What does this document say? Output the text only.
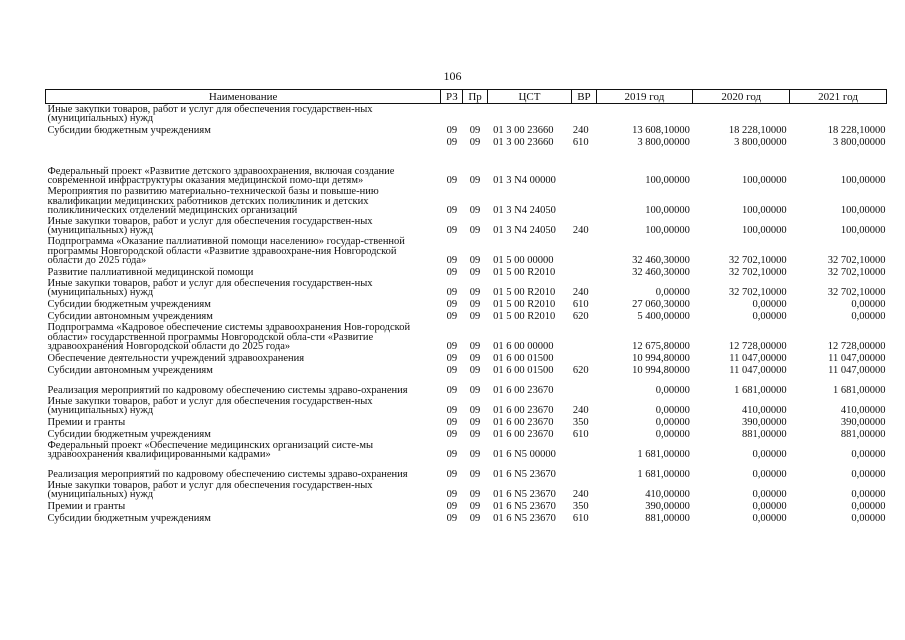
106
Наименование	РЗ	Пр	ЦСТ	ВР	2019 год	2020 год	2021 год
Иные закупки товаров, работ и услуг для обеспечения государствен-ных (муниципальных) нужд							
Субсидии бюджетным учреждениям	09	09	01 3 00 23660	240	13 608,10000	18 228,10000	18 228,10000
	09	09	01 3 00 23660	610	3 800,00000	3 800,00000	3 800,00000
Федеральный проект «Развитие детского здравоохранения, включая создание современной инфраструктуры оказания медицинской помо-щи детям»	09	09	01 3 N4 00000		100,00000	100,00000	100,00000
Мероприятия по развитию материально-технической базы и повыше-нию квалификации медицинских работников детских поликлиник и детских поликлинических отделений медицинских организаций	09	09	01 3 N4 24050		100,00000	100,00000	100,00000
Иные закупки товаров, работ и услуг для обеспечения государствен-ных (муниципальных) нужд	09	09	01 3 N4 24050	240	100,00000	100,00000	100,00000
Подпрограмма «Оказание паллиативной помощи населению» государ-ственной программы Новгородской области «Развитие здравоохране-ния Новгородской области до 2025 года»	09	09	01 5 00 00000		32 460,30000	32 702,10000	32 702,10000
Развитие паллиативной медицинской помощи	09	09	01 5 00 R2010		32 460,30000	32 702,10000	32 702,10000
Иные закупки товаров, работ и услуг для обеспечения государствен-ных (муниципальных) нужд	09	09	01 5 00 R2010	240	0,00000	32 702,10000	32 702,10000
Субсидии бюджетным учреждениям	09	09	01 5 00 R2010	610	27 060,30000	0,00000	0,00000
Субсидии автономным учреждениям	09	09	01 5 00 R2010	620	5 400,00000	0,00000	0,00000
Подпрограмма «Кадровое обеспечение системы здравоохранения Нов-городской области» государственной программы Новгородской обла-сти «Развитие здравоохранения Новгородской области до 2025 года»	09	09	01 6 00 00000		12 675,80000	12 728,00000	12 728,00000
Обеспечение деятельности учреждений здравоохранения	09	09	01 6 00 01500		10 994,80000	11 047,00000	11 047,00000
Субсидии автономным учреждениям	09	09	01 6 00 01500	620	10 994,80000	11 047,00000	11 047,00000
Реализация мероприятий по кадровому обеспечению системы здраво-охранения	09	09	01 6 00 23670		0,00000	1 681,00000	1 681,00000
Иные закупки товаров, работ и услуг для обеспечения государствен-ных (муниципальных) нужд	09	09	01 6 00 23670	240	0,00000	410,00000	410,00000
Премии и гранты	09	09	01 6 00 23670	350	0,00000	390,00000	390,00000
Субсидии бюджетным учреждениям	09	09	01 6 00 23670	610	0,00000	881,00000	881,00000
Федеральный проект «Обеспечение медицинских организаций систе-мы здравоохранения квалифицированными кадрами»	09	09	01 6 N5 00000		1 681,00000	0,00000	0,00000
Реализация мероприятий по кадровому обеспечению системы здраво-охранения	09	09	01 6 N5 23670		1 681,00000	0,00000	0,00000
Иные закупки товаров, работ и услуг для обеспечения государствен-ных (муниципальных) нужд	09	09	01 6 N5 23670	240	410,00000	0,00000	0,00000
Премии и гранты	09	09	01 6 N5 23670	350	390,00000	0,00000	0,00000
Субсидии бюджетным учреждениям	09	09	01 6 N5 23670	610	881,00000	0,00000	0,00000
